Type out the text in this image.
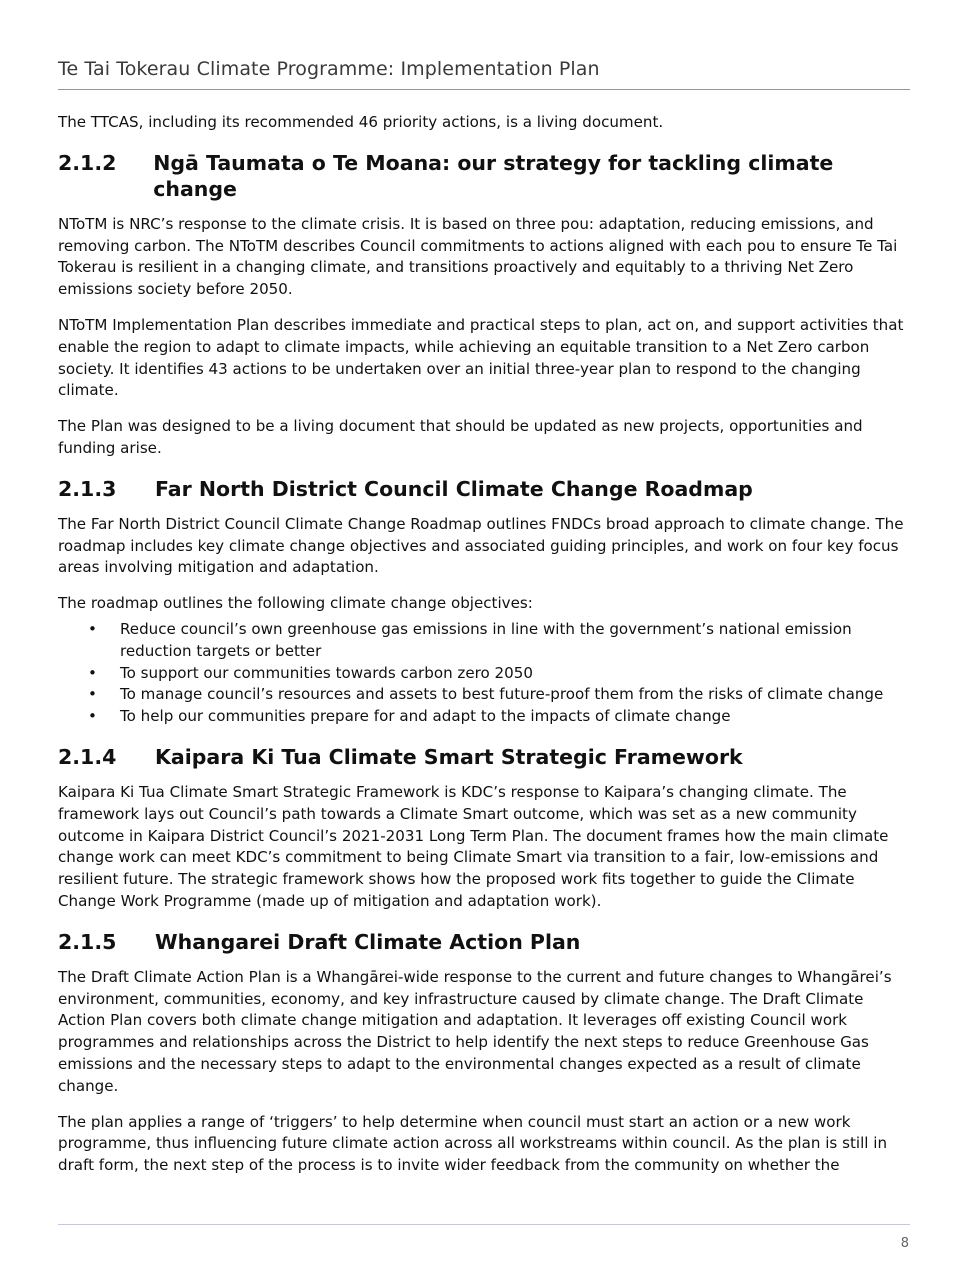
Te Tai Tokerau Climate Programme: Implementation Plan

The TTCAS, including its recommended 46 priority actions, is a living document.

2.1.2	Ngā Taumata o Te Moana: our strategy for tackling climate change

NToTM is NRC’s response to the climate crisis. It is based on three pou: adaptation, reducing emissions, and removing carbon. The NToTM describes Council commitments to actions aligned with each pou to ensure Te Tai Tokerau is resilient in a changing climate, and transitions proactively and equitably to a thriving Net Zero emissions society before 2050.

NToTM Implementation Plan describes immediate and practical steps to plan, act on, and support activities that enable the region to adapt to climate impacts, while achieving an equitable transition to a Net Zero carbon society. It identifies 43 actions to be undertaken over an initial three-year plan to respond to the changing climate.

The Plan was designed to be a living document that should be updated as new projects, opportunities and funding arise.

2.1.3	Far North District Council Climate Change Roadmap

The Far North District Council Climate Change Roadmap outlines FNDCs broad approach to climate change. The roadmap includes key climate change objectives and associated guiding principles, and work on four key focus areas involving mitigation and adaptation.

The roadmap outlines the following climate change objectives:

• Reduce council’s own greenhouse gas emissions in line with the government’s national emission reduction targets or better
• To support our communities towards carbon zero 2050
• To manage council’s resources and assets to best future-proof them from the risks of climate change
• To help our communities prepare for and adapt to the impacts of climate change
2.1.4	Kaipara Ki Tua Climate Smart Strategic Framework

Kaipara Ki Tua Climate Smart Strategic Framework is KDC’s response to Kaipara’s changing climate. The framework lays out Council’s path towards a Climate Smart outcome, which was set as a new community outcome in Kaipara District Council’s 2021-2031 Long Term Plan. The document frames how the main climate change work can meet KDC’s commitment to being Climate Smart via transition to a fair, low-emissions and resilient future. The strategic framework shows how the proposed work fits together to guide the Climate Change Work Programme (made up of mitigation and adaptation work).

2.1.5	Whangarei Draft Climate Action Plan

The Draft Climate Action Plan is a Whangārei-wide response to the current and future changes to Whangārei’s environment, communities, economy, and key infrastructure caused by climate change. The Draft Climate Action Plan covers both climate change mitigation and adaptation. It leverages off existing Council work programmes and relationships across the District to help identify the next steps to reduce Greenhouse Gas emissions and the necessary steps to adapt to the environmental changes expected as a result of climate change.

The plan applies a range of ‘triggers’ to help determine when council must start an action or a new work programme, thus influencing future climate action across all workstreams within council. As the plan is still in draft form, the next step of the process is to invite wider feedback from the community on whether the

8
